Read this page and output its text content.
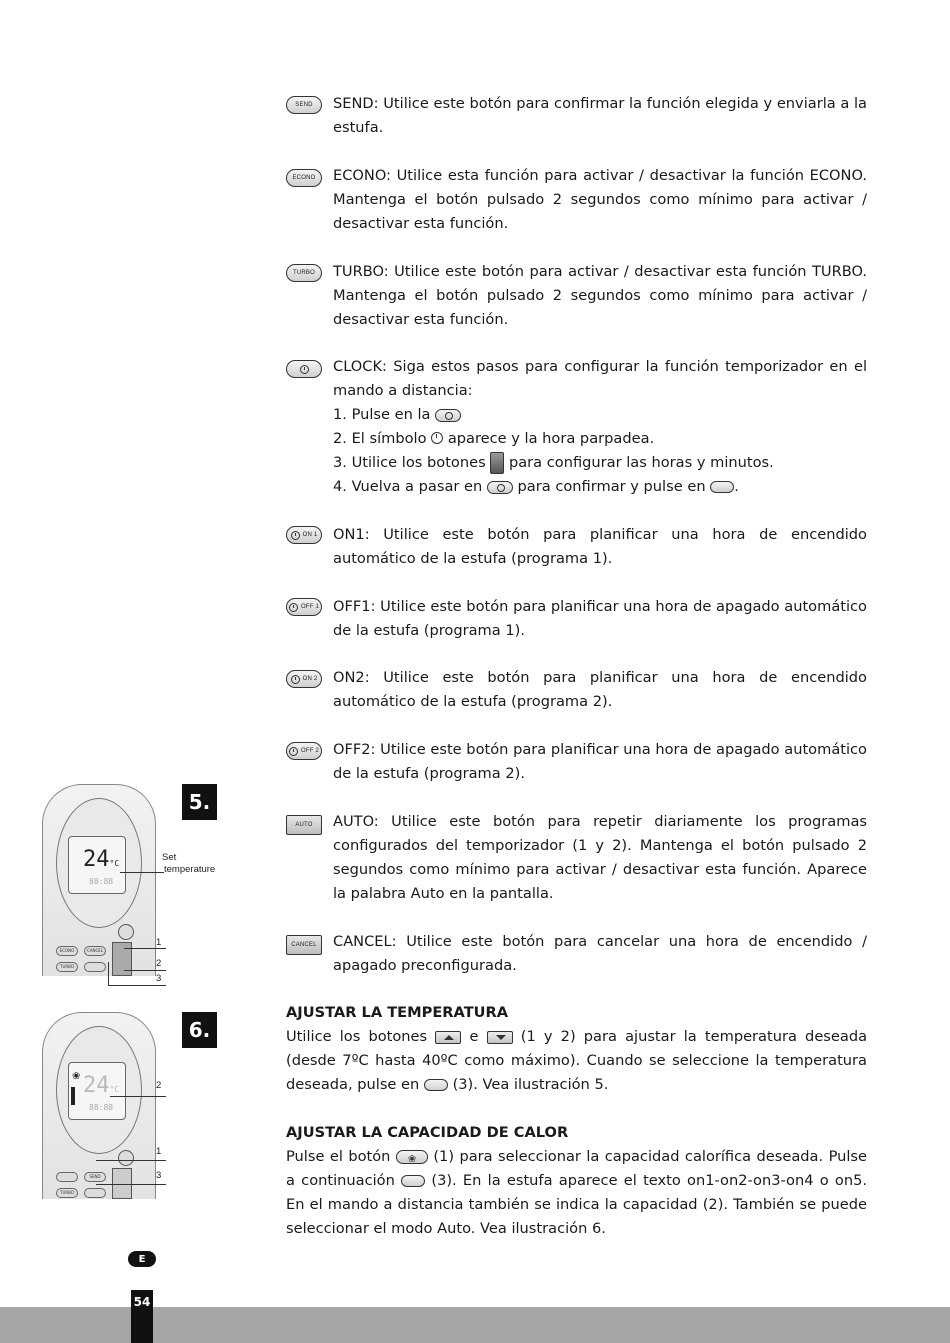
SEND SEND: Utilice este botón para confirmar la función elegida y enviarla a la estufa.

ECONO ECONO: Utilice esta función para activar / desactivar la función ECONO. Mantenga el botón pulsado 2 segundos como mínimo para activar / desactivar esta función.

TURBO TURBO: Utilice este botón para activar / desactivar esta función TURBO. Mantenga el botón pulsado 2 segundos como mínimo para activar / desactivar esta función.

CLOCK: Siga estos pasos para configurar la función temporizador en el mando a distancia:

1. Pulse en la
2. El símbolo aparece y la hora parpadea.
3. Utilice los botones para configurar las horas y minutos.
4. Vuelva a pasar en para confirmar y pulse en .
ON 1 ON1: Utilice este botón para planificar una hora de encendido automático de la estufa (programa 1).

OFF 1 OFF1: Utilice este botón para planificar una hora de apagado automático de la estufa (programa 1).

ON 2 ON2: Utilice este botón para planificar una hora de encendido automático de la estufa (programa 2).

OFF 2 OFF2: Utilice este botón para planificar una hora de apagado automático de la estufa (programa 2).

AUTO AUTO: Utilice este botón para repetir diariamente los programas configurados del temporizador (1 y 2). Mantenga el botón pulsado 2 segundos como mínimo para activar / desactivar esta función. Aparece la palabra Auto en la pantalla.

CANCEL CANCEL: Utilice este botón para cancelar una hora de encendido / apagado preconfigurada.

AJUSTAR LA TEMPERATURA
Utilice los botones	e	(1 y 2) para ajustar la temperatura deseada (desde 7ºC hasta 40ºC como máximo). Cuando se seleccione la temperatura deseada, pulse en (3). Vea ilustración 5.
AJUSTAR LA CAPACIDAD DE CALOR
Pulse el botón ❀	(1) para seleccionar la capacidad calorífica deseada. Pulse a continuación	(3). En la estufa aparece el texto on1-on2-on3-on4 o on5. En el mando a distancia también se indica la capacidad (2). También se puede seleccionar el modo Auto. Vea ilustración 6.
5.
24°C
88:88
ECONO	CANCEL
TURBO
Set
temperature
1
2
3
6.
24°C
88:88
❀
SEND
TURBO
2
1
3
E
54
